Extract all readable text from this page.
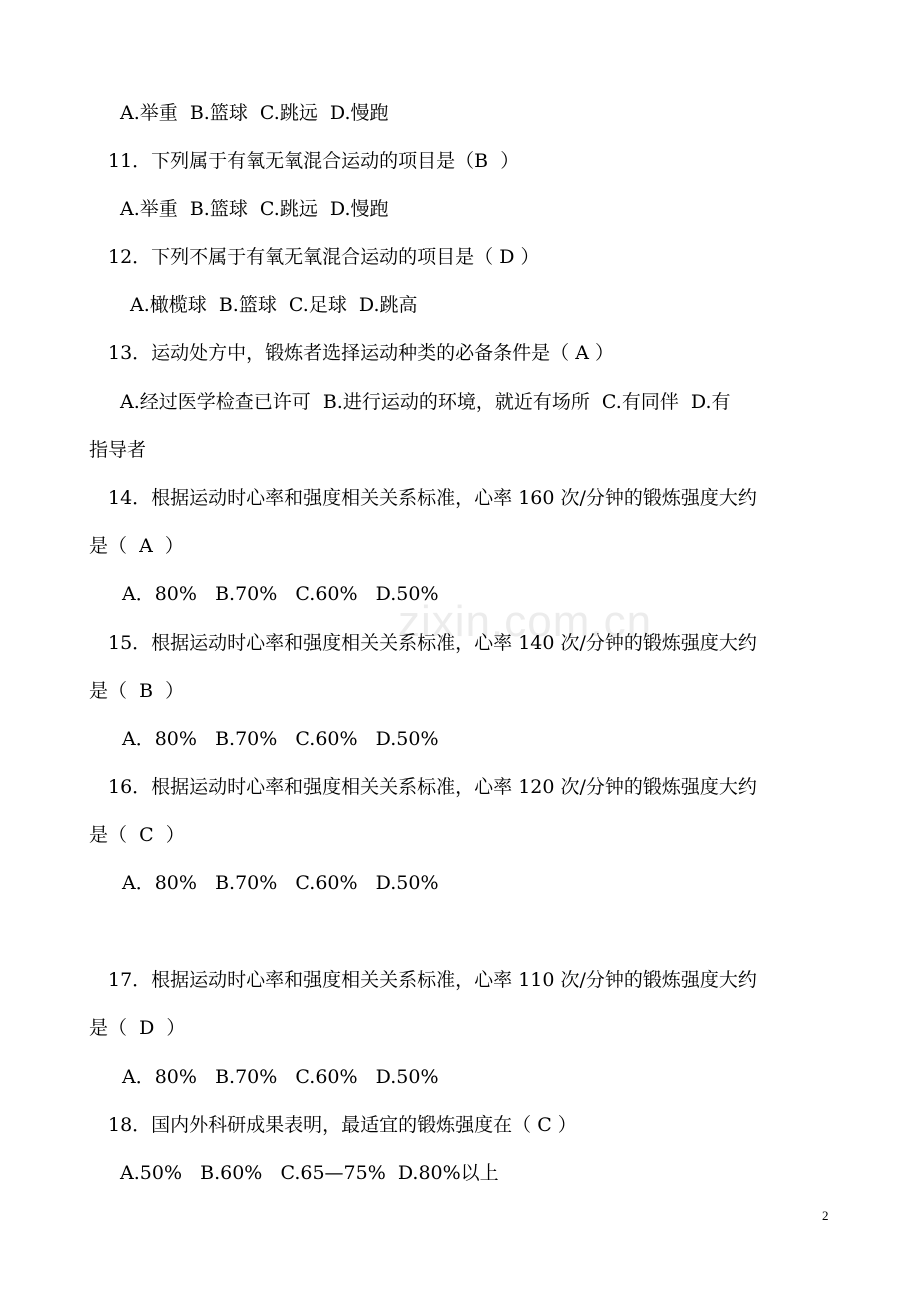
zixin.com.cn
A.举重  B.篮球  C.跳远  D.慢跑
11．下列属于有氧无氧混合运动的项目是（B  ）
A.举重  B.篮球  C.跳远  D.慢跑
12．下列不属于有氧无氧混合运动的项目是（ D ）
A.橄榄球  B.篮球  C.足球  D.跳高
13．运动处方中，锻炼者选择运动种类的必备条件是（ A ）
A.经过医学检查已许可  B.进行运动的环境，就近有场所  C.有同伴  D.有
指导者
14．根据运动时心率和强度相关关系标准，心率 160 次/分钟的锻炼强度大约
是（  A  ）
A．80%   B.70%   C.60%   D.50%
15．根据运动时心率和强度相关关系标准，心率 140 次/分钟的锻炼强度大约
是（  B  ）
A．80%   B.70%   C.60%   D.50%
16．根据运动时心率和强度相关关系标准，心率 120 次/分钟的锻炼强度大约
是（  C  ）
A．80%   B.70%   C.60%   D.50%
17．根据运动时心率和强度相关关系标准，心率 110 次/分钟的锻炼强度大约
是（  D  ）
A．80%   B.70%   C.60%   D.50%
18．国内外科研成果表明，最适宜的锻炼强度在（ C ）
A.50%   B.60%   C.65—75%  D.80%以上
2
